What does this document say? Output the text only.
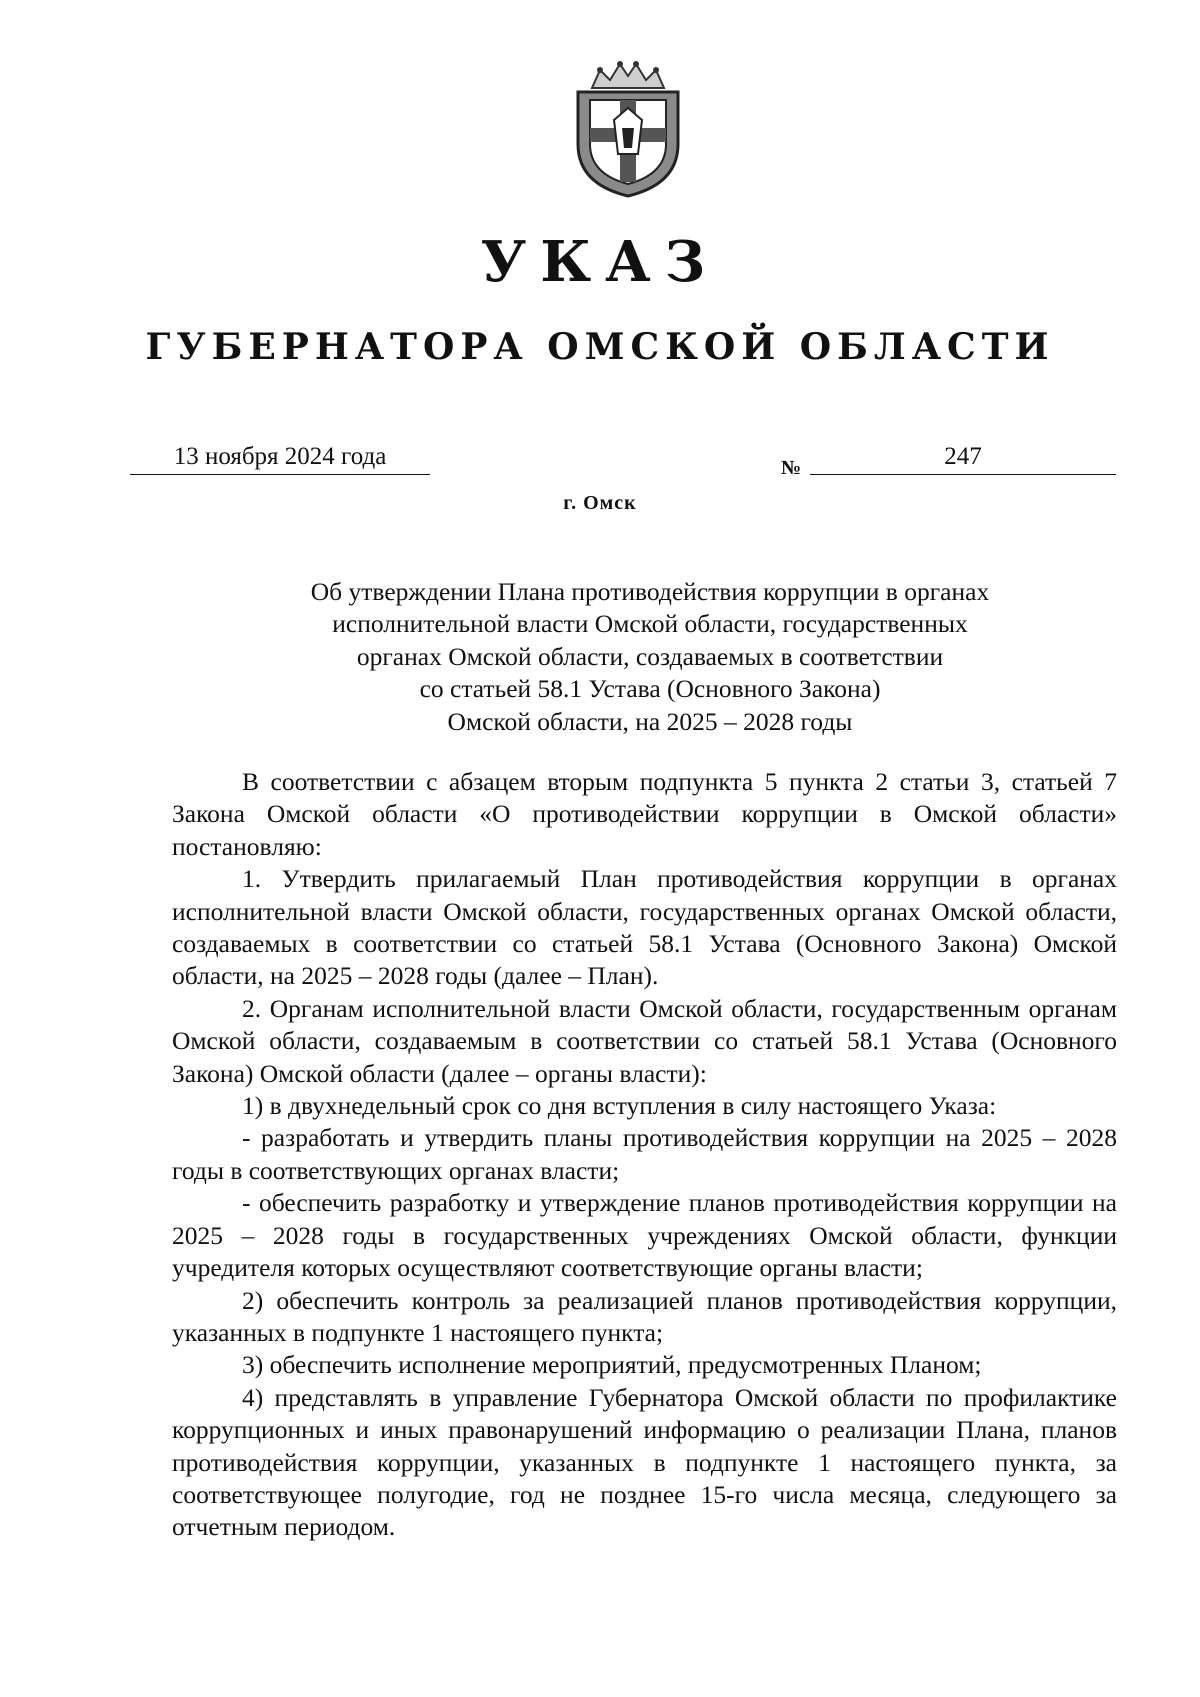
УКАЗ
ГУБЕРНАТОРА ОМСКОЙ ОБЛАСТИ
13 ноября 2024 года	№	247
г. Омск
Об утверждении Плана противодействия коррупции в органах
исполнительной власти Омской области, государственных
органах Омской области, создаваемых в соответствии
со статьей 58.1 Устава (Основного Закона)
Омской области, на 2025 – 2028 годы

В соответствии с абзацем вторым подпункта 5 пункта 2 статьи 3, статьей 7 Закона Омской области «О противодействии коррупции в Омской области» постановляю:

1. Утвердить прилагаемый План противодействия коррупции в органах исполнительной власти Омской области, государственных органах Омской области, создаваемых в соответствии со статьей 58.1 Устава (Основного Закона) Омской области, на 2025 – 2028 годы (далее – План).

2. Органам исполнительной власти Омской области, государственным органам Омской области, создаваемым в соответствии со статьей 58.1 Устава (Основного Закона) Омской области (далее – органы власти):

1) в двухнедельный срок со дня вступления в силу настоящего Указа:

- разработать и утвердить планы противодействия коррупции на 2025 – 2028 годы в соответствующих органах власти;

- обеспечить разработку и утверждение планов противодействия коррупции на 2025 – 2028 годы в государственных учреждениях Омской области, функции учредителя которых осуществляют соответствующие органы власти;

2) обеспечить контроль за реализацией планов противодействия коррупции, указанных в подпункте 1 настоящего пункта;

3) обеспечить исполнение мероприятий, предусмотренных Планом;

4) представлять в управление Губернатора Омской области по профилактике коррупционных и иных правонарушений информацию о реализации Плана, планов противодействия коррупции, указанных в подпункте 1 настоящего пункта, за соответствующее полугодие, год не позднее 15-го числа месяца, следующего за отчетным периодом.
